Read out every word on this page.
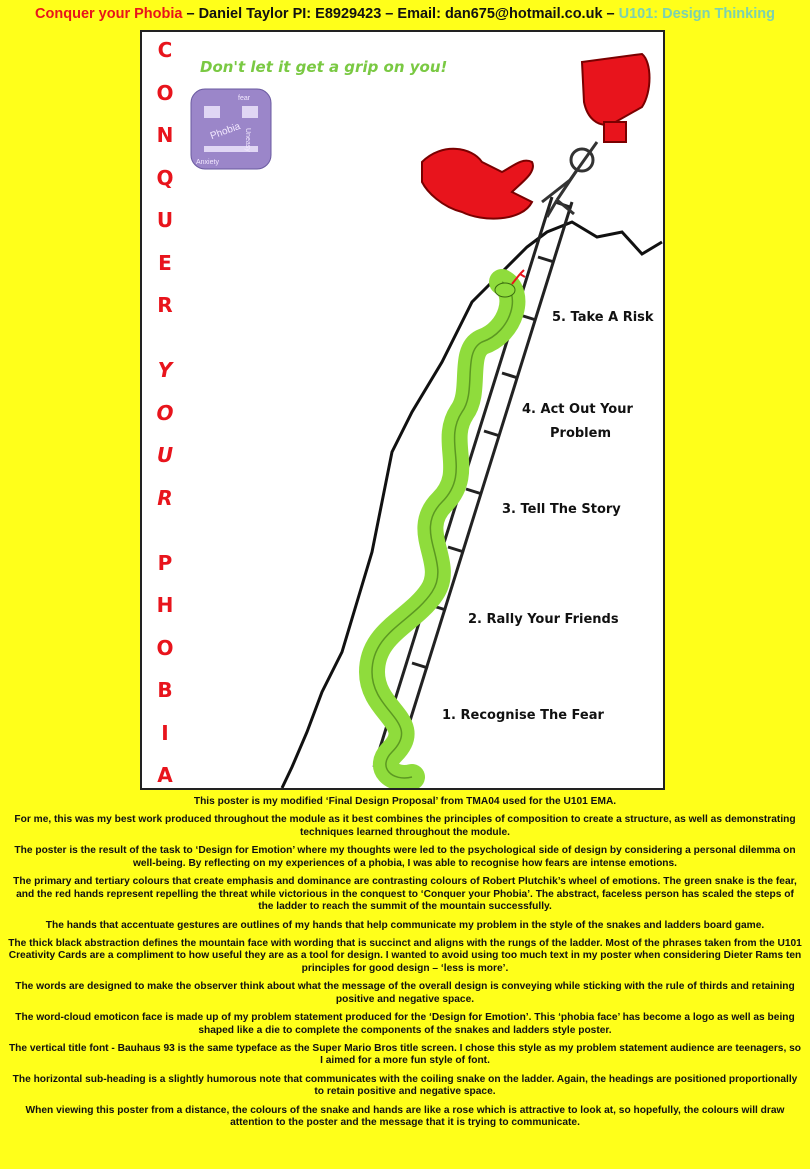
Conquer your Phobia – Daniel Taylor PI: E8929423 – Email: dan675@hotmail.co.uk – U101: Design Thinking
C
O
N
Q
U
E
R
Y
O
U
R
P
H
O
B
I
A
Don't let it get a grip on you!
Phobia
fear
Uneasy
Anxiety
5. Take A Risk
4. Act Out Your
Problem
3. Tell The Story
2. Rally Your Friends
1. Recognise The Fear

This poster is my modified ‘Final Design Proposal’ from TMA04 used for the U101 EMA.

For me, this was my best work produced throughout the module as it best combines the principles of composition to create a structure, as well as demonstrating techniques learned throughout the module.

The poster is the result of the task to ‘Design for Emotion’ where my thoughts were led to the psychological side of design by considering a personal dilemma on well-being. By reflecting on my experiences of a phobia, I was able to recognise how fears are intense emotions.

The primary and tertiary colours that create emphasis and dominance are contrasting colours of Robert Plutchik’s wheel of emotions. The green snake is the fear, and the red hands represent repelling the threat while victorious in the conquest to ‘Conquer your Phobia’. The abstract, faceless person has scaled the steps of the ladder to reach the summit of the mountain successfully.

The hands that accentuate gestures are outlines of my hands that help communicate my problem in the style of the snakes and ladders board game.

The thick black abstraction defines the mountain face with wording that is succinct and aligns with the rungs of the ladder. Most of the phrases taken from the U101 Creativity Cards are a compliment to how useful they are as a tool for design. I wanted to avoid using too much text in my poster when considering Dieter Rams ten principles for good design – ‘less is more’.

The words are designed to make the observer think about what the message of the overall design is conveying while sticking with the rule of thirds and retaining positive and negative space.

The word-cloud emoticon face is made up of my problem statement produced for the ‘Design for Emotion’. This ‘phobia face’ has become a logo as well as being shaped like a die to complete the components of the snakes and ladders style poster.

The vertical title font - Bauhaus 93 is the same typeface as the Super Mario Bros title screen. I chose this style as my problem statement audience are teenagers, so I aimed for a more fun style of font.

The horizontal sub-heading is a slightly humorous note that communicates with the coiling snake on the ladder. Again, the headings are positioned proportionally to retain positive and negative space.

When viewing this poster from a distance, the colours of the snake and hands are like a rose which is attractive to look at, so hopefully, the colours will draw attention to the poster and the message that it is trying to communicate.
